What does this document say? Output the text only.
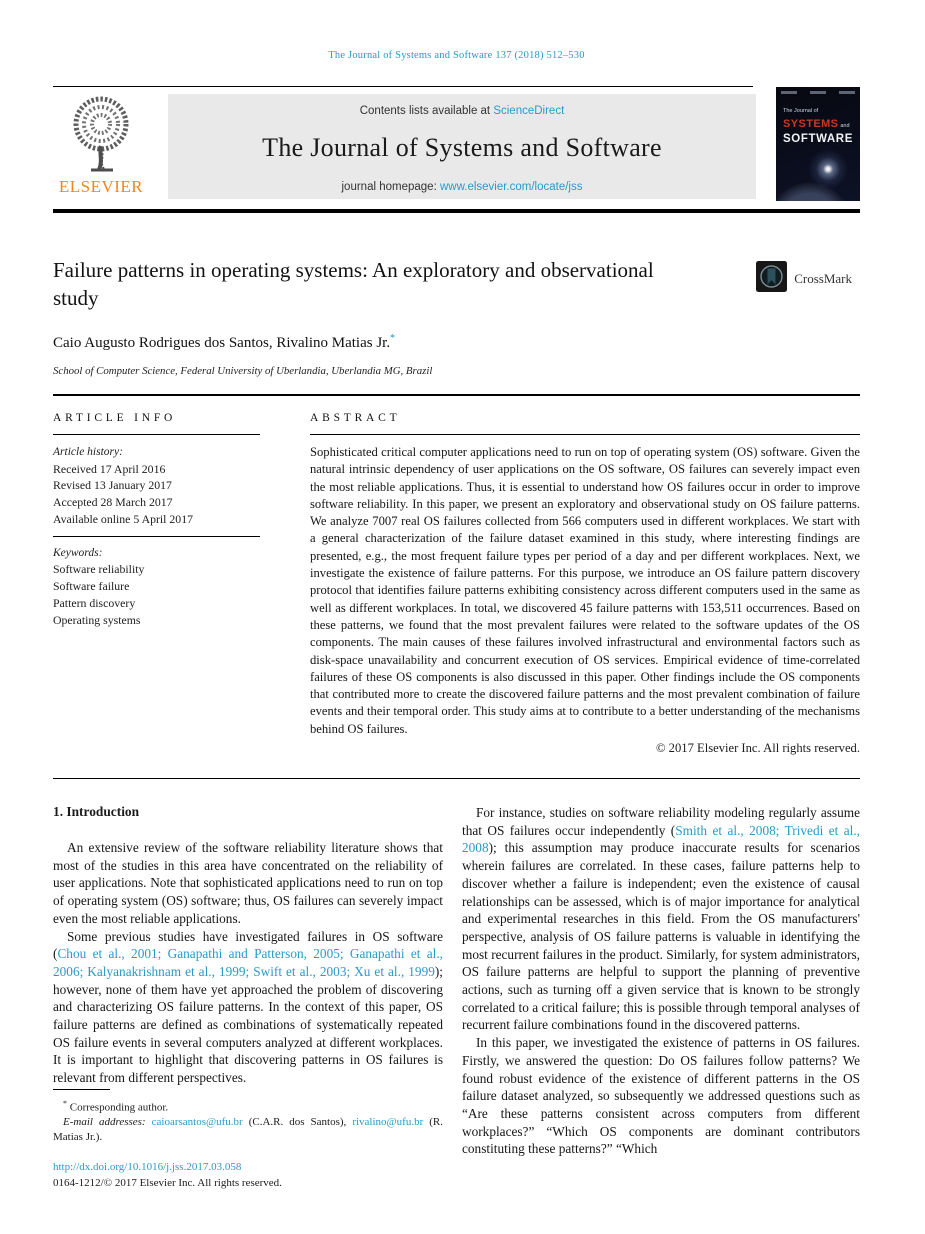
The Journal of Systems and Software 137 (2018) 512–530
ELSEVIER
Contents lists available at ScienceDirect
The Journal of Systems and Software
journal homepage: www.elsevier.com/locate/jss
The Journal of
SYSTEMS and
SOFTWARE
Failure patterns in operating systems: An exploratory and observational study
CrossMark
Caio Augusto Rodrigues dos Santos, Rivalino Matias Jr.*
School of Computer Science, Federal University of Uberlandia, Uberlandia MG, Brazil
ARTICLE INFO
Article history:
Received 17 April 2016
Revised 13 January 2017
Accepted 28 March 2017
Available online 5 April 2017
Keywords:
Software reliability
Software failure
Pattern discovery
Operating systems
ABSTRACT
Sophisticated critical computer applications need to run on top of operating system (OS) software. Given the natural intrinsic dependency of user applications on the OS software, OS failures can severely impact even the most reliable applications. Thus, it is essential to understand how OS failures occur in order to improve software reliability. In this paper, we present an exploratory and observational study on OS failure patterns. We analyze 7007 real OS failures collected from 566 computers used in different workplaces. We start with a general characterization of the failure dataset examined in this study, where interesting findings are presented, e.g., the most frequent failure types per period of a day and per different workplaces. Next, we investigate the existence of failure patterns. For this purpose, we introduce an OS failure pattern discovery protocol that identifies failure patterns exhibiting consistency across different computers used in the same as well as different workplaces. In total, we discovered 45 failure patterns with 153,511 occurrences. Based on these patterns, we found that the most prevalent failures were related to the software updates of the OS components. The main causes of these failures involved infrastructural and environmental factors such as disk-space unavailability and concurrent execution of OS services. Empirical evidence of time-correlated failures of these OS components is also discussed in this paper. Other findings include the OS components that contributed more to create the discovered failure patterns and the most prevalent combination of failure events and their temporal order. This study aims at to contribute to a better understanding of the mechanisms behind OS failures.
© 2017 Elsevier Inc. All rights reserved.
1. Introduction
An extensive review of the software reliability literature shows that most of the studies in this area have concentrated on the reliability of user applications. Note that sophisticated applications need to run on top of operating system (OS) software; thus, OS failures can severely impact even the most reliable applications.
Some previous studies have investigated failures in OS software (Chou et al., 2001; Ganapathi and Patterson, 2005; Ganapathi et al., 2006; Kalyanakrishnam et al., 1999; Swift et al., 2003; Xu et al., 1999); however, none of them have yet approached the problem of discovering and characterizing OS failure patterns. In the context of this paper, OS failure patterns are defined as combinations of systematically repeated OS failure events in several computers analyzed at different workplaces. It is important to highlight that discovering patterns in OS failures is relevant from different perspectives.
* Corresponding author.
E-mail addresses: caioarsantos@ufu.br (C.A.R. dos Santos), rivalino@ufu.br (R. Matias Jr.).
http://dx.doi.org/10.1016/j.jss.2017.03.058
0164-1212/© 2017 Elsevier Inc. All rights reserved.
For instance, studies on software reliability modeling regularly assume that OS failures occur independently (Smith et al., 2008; Trivedi et al., 2008); this assumption may produce inaccurate results for scenarios wherein failures are correlated. In these cases, failure patterns help to discover whether a failure is independent; even the existence of causal relationships can be assessed, which is of major importance for analytical and experimental researches in this field. From the OS manufacturers' perspective, analysis of OS failure patterns is valuable in identifying the most recurrent failures in the product. Similarly, for system administrators, OS failure patterns are helpful to support the planning of preventive actions, such as turning off a given service that is known to be strongly correlated to a critical failure; this is possible through temporal analyses of recurrent failure combinations found in the discovered patterns.
In this paper, we investigated the existence of patterns in OS failures. Firstly, we answered the question: Do OS failures follow patterns? We found robust evidence of the existence of different patterns in the OS failure dataset analyzed, so subsequently we addressed questions such as “Are these patterns consistent across computers from different workplaces?” “Which OS components are dominant contributors constituting these patterns?” “Which
